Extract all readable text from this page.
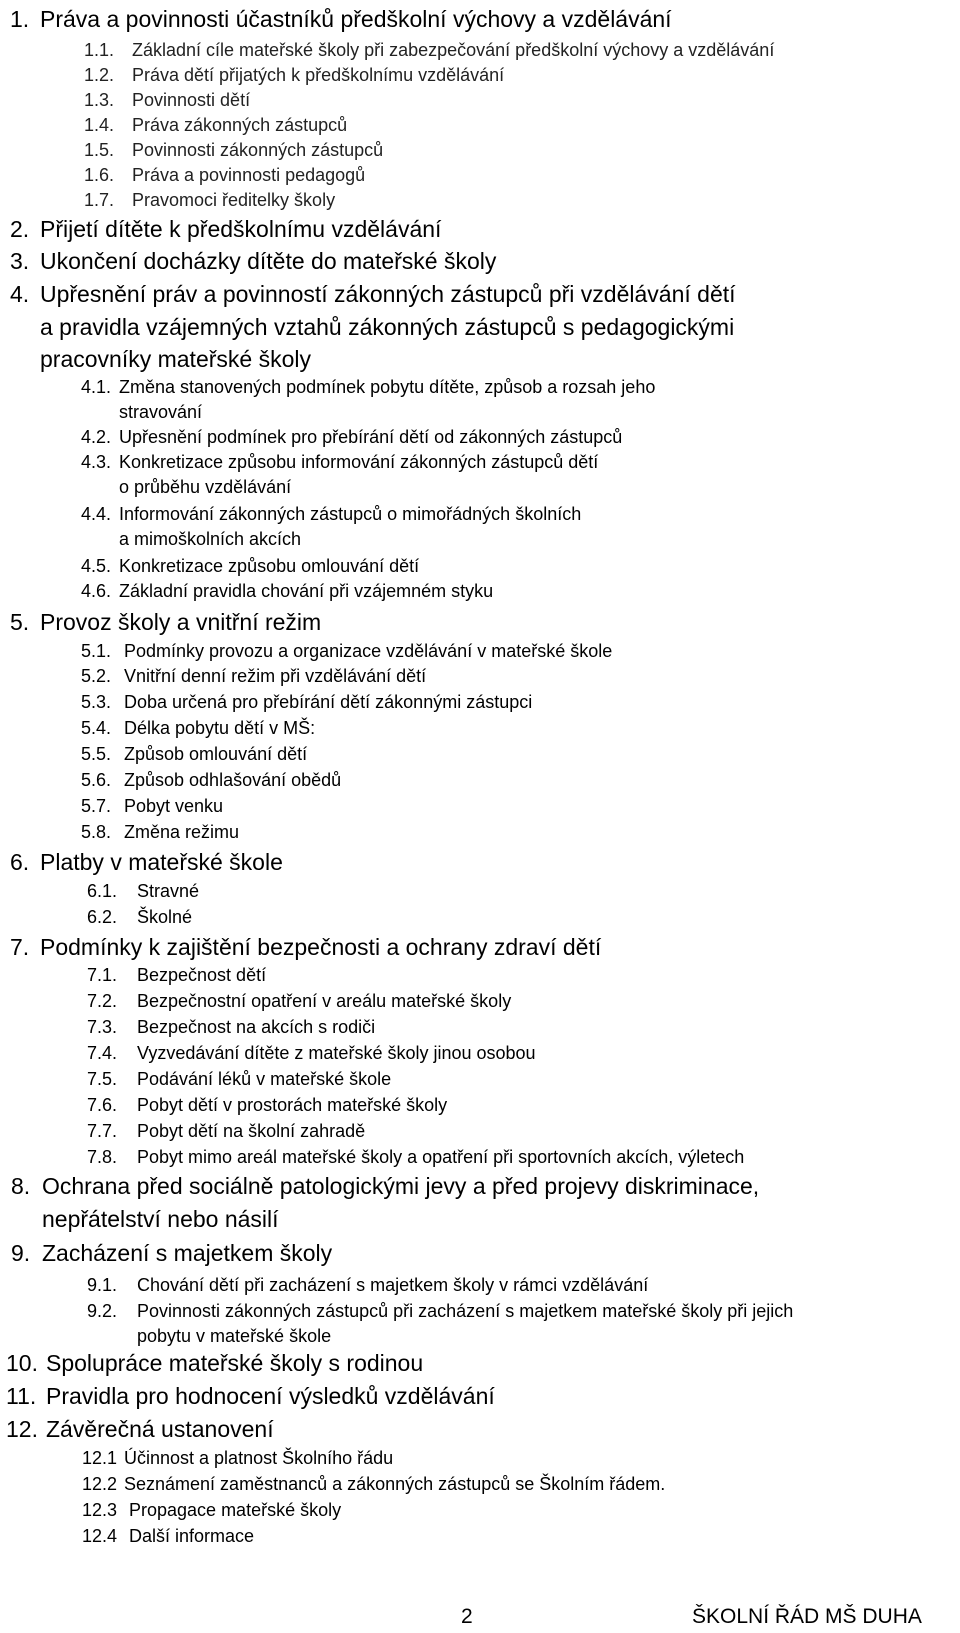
1. Práva a povinnosti účastníků předškolní výchovy a vzdělávání
1.1. Základní cíle mateřské školy při zabezpečování předškolní výchovy a vzdělávání
1.2. Práva dětí přijatých k předškolnímu vzdělávání
1.3. Povinnosti dětí
1.4. Práva zákonných zástupců
1.5. Povinnosti zákonných zástupců
1.6. Práva a povinnosti pedagogů
1.7. Pravomoci ředitelky školy
2. Přijetí dítěte k předškolnímu vzdělávání
3. Ukončení docházky dítěte do mateřské školy
4. Upřesnění práv a povinností zákonných zástupců při vzdělávání dětí
a pravidla vzájemných vztahů zákonných zástupců s pedagogickými
pracovníky mateřské školy
4.1. Změna stanovených podmínek pobytu dítěte, způsob a rozsah jeho
stravování
4.2. Upřesnění podmínek pro přebírání dětí od zákonných zástupců
4.3. Konkretizace způsobu informování zákonných zástupců dětí
o průběhu vzdělávání
4.4. Informování zákonných zástupců o mimořádných školních
a mimoškolních akcích
4.5. Konkretizace způsobu omlouvání dětí
4.6. Základní pravidla chování při vzájemném styku
5. Provoz školy a vnitřní režim
5.1. Podmínky provozu a organizace vzdělávání v mateřské škole
5.2. Vnitřní denní režim při vzdělávání dětí
5.3. Doba určená pro přebírání dětí zákonnými zástupci
5.4. Délka pobytu dětí v MŠ:
5.5. Způsob omlouvání dětí
5.6. Způsob odhlašování obědů
5.7. Pobyt venku
5.8. Změna režimu
6. Platby v mateřské škole
6.1. Stravné
6.2. Školné
7. Podmínky k zajištění bezpečnosti a ochrany zdraví dětí
7.1. Bezpečnost dětí
7.2. Bezpečnostní opatření v areálu mateřské školy
7.3. Bezpečnost na akcích s rodiči
7.4. Vyzvedávání dítěte z mateřské školy jinou osobou
7.5. Podávání léků v mateřské škole
7.6. Pobyt dětí v prostorách mateřské školy
7.7. Pobyt dětí na školní zahradě
7.8. Pobyt mimo areál mateřské školy a opatření při sportovních akcích, výletech
8. Ochrana před sociálně patologickými jevy a před projevy diskriminace,
nepřátelství nebo násilí
9. Zacházení s majetkem školy
9.1. Chování dětí při zacházení s majetkem školy v rámci vzdělávání
9.2. Povinnosti zákonných zástupců při zacházení s majetkem mateřské školy při jejich
pobytu v mateřské škole
10. Spolupráce mateřské školy s rodinou
11. Pravidla pro hodnocení výsledků vzdělávání
12. Závěrečná ustanovení
12.1 Účinnost a platnost Školního řádu
12.2 Seznámení zaměstnanců a zákonných zástupců se Školním řádem.
12.3 Propagace mateřské školy
12.4 Další informace
2	ŠKOLNÍ ŘÁD MŠ DUHA
